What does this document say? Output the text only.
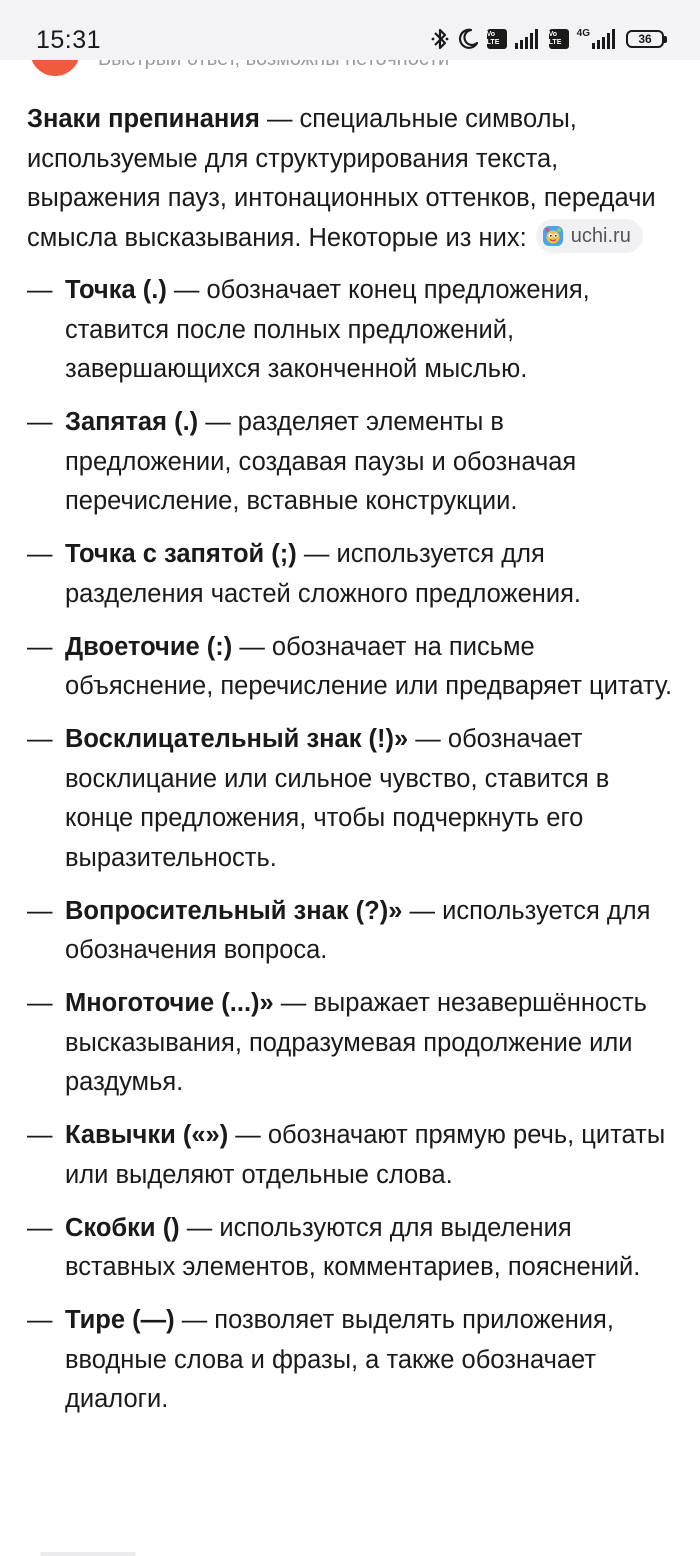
15:31	Vo LTE
Vo LTE
4G	36

Знаки препинания — специальные символы, используемые для структурирования текста, выражения пауз, интонационных оттенков, передачи смысла высказывания. Некоторые из них: uchi.ru

— Точка (.) — обозначает конец предложения, ставится после полных предложений, завершающихся законченной мыслью.
— Запятая (.) — разделяет элементы в предложении, создавая паузы и обозначая перечисление, вставные конструкции.
— Точка с запятой (;) — используется для разделения частей сложного предложения.
— Двоеточие (:) — обозначает на письме объяснение, перечисление или предваряет цитату.
— Восклицательный знак (!)» — обозначает восклицание или сильное чувство, ставится в конце предложения, чтобы подчеркнуть его выразительность.
— Вопросительный знак (?)» — используется для обозначения вопроса.
— Многоточие (...)» — выражает незавершённость высказывания, подразумевая продолжение или раздумья.
— Кавычки («») — обозначают прямую речь, цитаты или выделяют отдельные слова.
— Скобки () — используются для выделения вставных элементов, комментариев, пояснений.
— Тире (—) — позволяет выделять приложения, вводные слова и фразы, а также обозначает диалоги.
